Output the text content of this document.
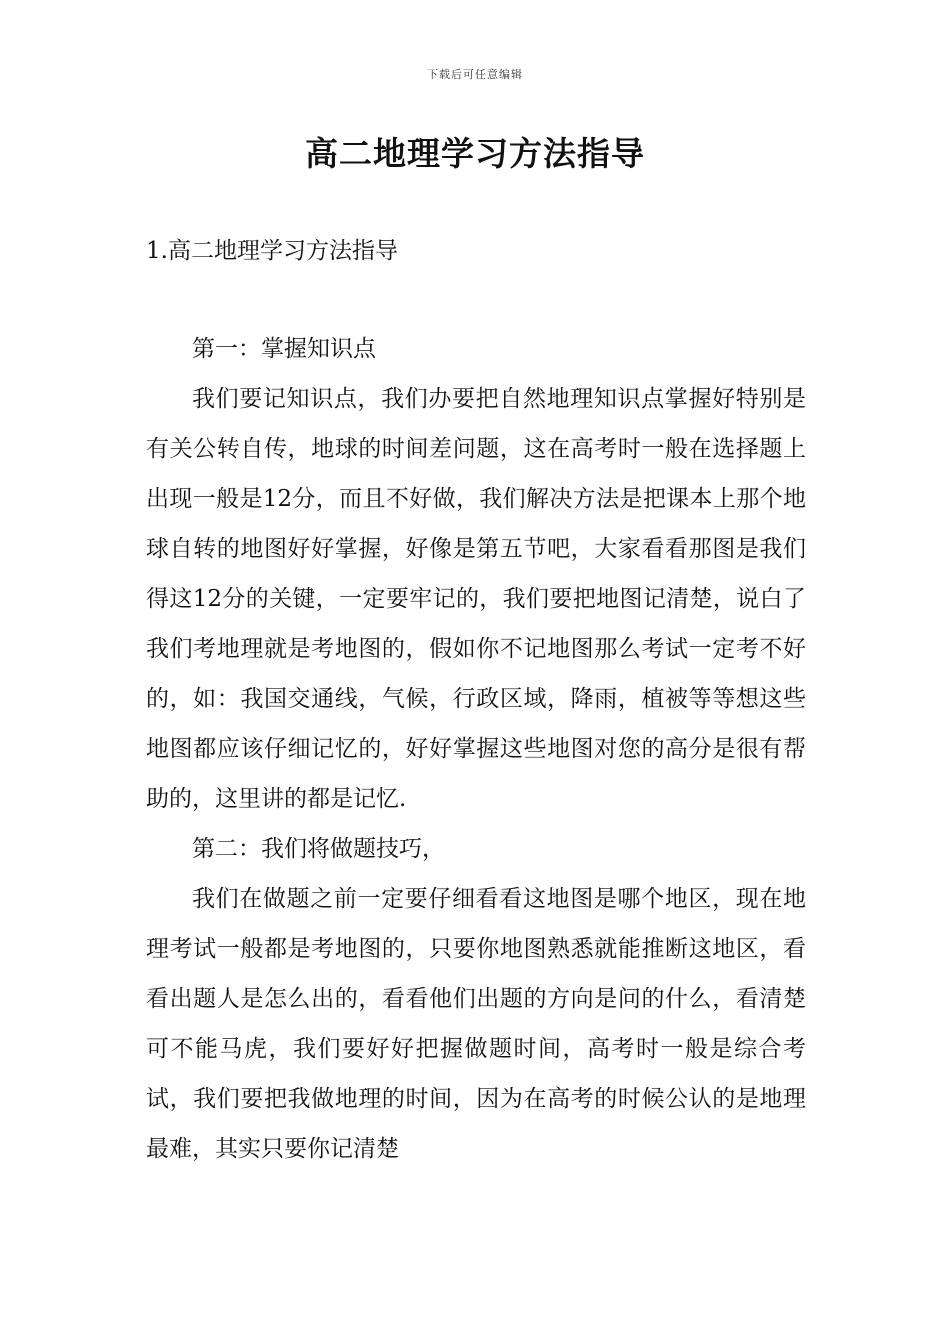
下载后可任意编辑
高二地理学习方法指导
1.高二地理学习方法指导

第一：掌握知识点

我们要记知识点，我们办要把自然地理知识点掌握好特别是有关公转自传，地球的时间差问题，这在高考时一般在选择题上出现一般是12分，而且不好做，我们解决方法是把课本上那个地球自转的地图好好掌握，好像是第五节吧，大家看看那图是我们得这12分的关键，一定要牢记的，我们要把地图记清楚，说白了我们考地理就是考地图的，假如你不记地图那么考试一定考不好的，如：我国交通线，气候，行政区域，降雨，植被等等想这些地图都应该仔细记忆的，好好掌握这些地图对您的高分是很有帮助的，这里讲的都是记忆.

第二：我们将做题技巧，

我们在做题之前一定要仔细看看这地图是哪个地区，现在地理考试一般都是考地图的，只要你地图熟悉就能推断这地区，看看出题人是怎么出的，看看他们出题的方向是问的什么，看清楚可不能马虎，我们要好好把握做题时间，高考时一般是综合考试，我们要把我做地理的时间，因为在高考的时候公认的是地理最难，其实只要你记清楚
